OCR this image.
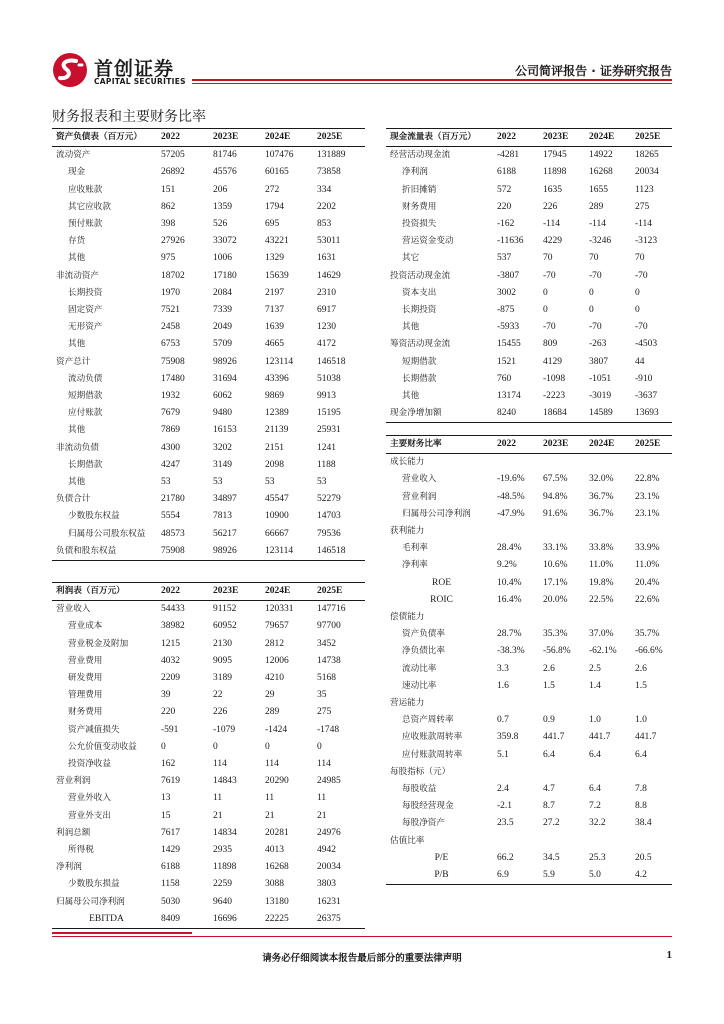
首创证券
CAPITAL SECURITIES
公司简评报告 · 证券研究报告
财务报表和主要财务比率
资产负债表（百万元）	2022	2023E	2024E	2025E
流动资产	57205	81746	107476	131889
现金	26892	45576	60165	73858
应收账款	151	206	272	334
其它应收款	862	1359	1794	2202
预付账款	398	526	695	853
存货	27926	33072	43221	53011
其他	975	1006	1329	1631
非流动资产	18702	17180	15639	14629
长期投资	1970	2084	2197	2310
固定资产	7521	7339	7137	6917
无形资产	2458	2049	1639	1230
其他	6753	5709	4665	4172
资产总计	75908	98926	123114	146518
流动负债	17480	31694	43396	51038
短期借款	1932	6062	9869	9913
应付账款	7679	9480	12389	15195
其他	7869	16153	21139	25931
非流动负债	4300	3202	2151	1241
长期借款	4247	3149	2098	1188
其他	53	53	53	53
负债合计	21780	34897	45547	52279
少数股东权益	5554	7813	10900	14703
归属母公司股东权益	48573	56217	66667	79536
负债和股东权益	75908	98926	123114	146518
利润表（百万元）	2022	2023E	2024E	2025E
营业收入	54433	91152	120331	147716
营业成本	38982	60952	79657	97700
营业税金及附加	1215	2130	2812	3452
营业费用	4032	9095	12006	14738
研发费用	2209	3189	4210	5168
管理费用	39	22	29	35
财务费用	220	226	289	275
资产减值损失	-591	-1079	-1424	-1748
公允价值变动收益	0	0	0	0
投资净收益	162	114	114	114
营业利润	7619	14843	20290	24985
营业外收入	13	11	11	11
营业外支出	15	21	21	21
利润总额	7617	14834	20281	24976
所得税	1429	2935	4013	4942
净利润	6188	11898	16268	20034
少数股东损益	1158	2259	3088	3803
归属母公司净利润	5030	9640	13180	16231
EBITDA	8409	16696	22225	26375
现金流量表（百万元）	2022	2023E	2024E	2025E
经营活动现金流	-4281	17945	14922	18265
净利润	6188	11898	16268	20034
折旧摊销	572	1635	1655	1123
财务费用	220	226	289	275
投资损失	-162	-114	-114	-114
营运资金变动	-11636	4229	-3246	-3123
其它	537	70	70	70
投资活动现金流	-3807	-70	-70	-70
资本支出	3002	0	0	0
长期投资	-875	0	0	0
其他	-5933	-70	-70	-70
筹资活动现金流	15455	809	-263	-4503
短期借款	1521	4129	3807	44
长期借款	760	-1098	-1051	-910
其他	13174	-2223	-3019	-3637
现金净增加额	8240	18684	14589	13693
主要财务比率	2022	2023E	2024E	2025E
成长能力				
营业收入	-19.6%	67.5%	32.0%	22.8%
营业利润	-48.5%	94.8%	36.7%	23.1%
归属母公司净利润	-47.9%	91.6%	36.7%	23.1%
获利能力				
毛利率	28.4%	33.1%	33.8%	33.9%
净利率	9.2%	10.6%	11.0%	11.0%
ROE	10.4%	17.1%	19.8%	20.4%
ROIC	16.4%	20.0%	22.5%	22.6%
偿债能力				
资产负债率	28.7%	35.3%	37.0%	35.7%
净负债比率	-38.3%	-56.8%	-62.1%	-66.6%
流动比率	3.3	2.6	2.5	2.6
速动比率	1.6	1.5	1.4	1.5
营运能力				
总资产周转率	0.7	0.9	1.0	1.0
应收账款周转率	359.8	441.7	441.7	441.7
应付账款周转率	5.1	6.4	6.4	6.4
每股指标（元）				
每股收益	2.4	4.7	6.4	7.8
每股经营现金	-2.1	8.7	7.2	8.8
每股净资产	23.5	27.2	32.2	38.4
估值比率				
P/E	66.2	34.5	25.3	20.5
P/B	6.9	5.9	5.0	4.2
请务必仔细阅读本报告最后部分的重要法律声明	1
